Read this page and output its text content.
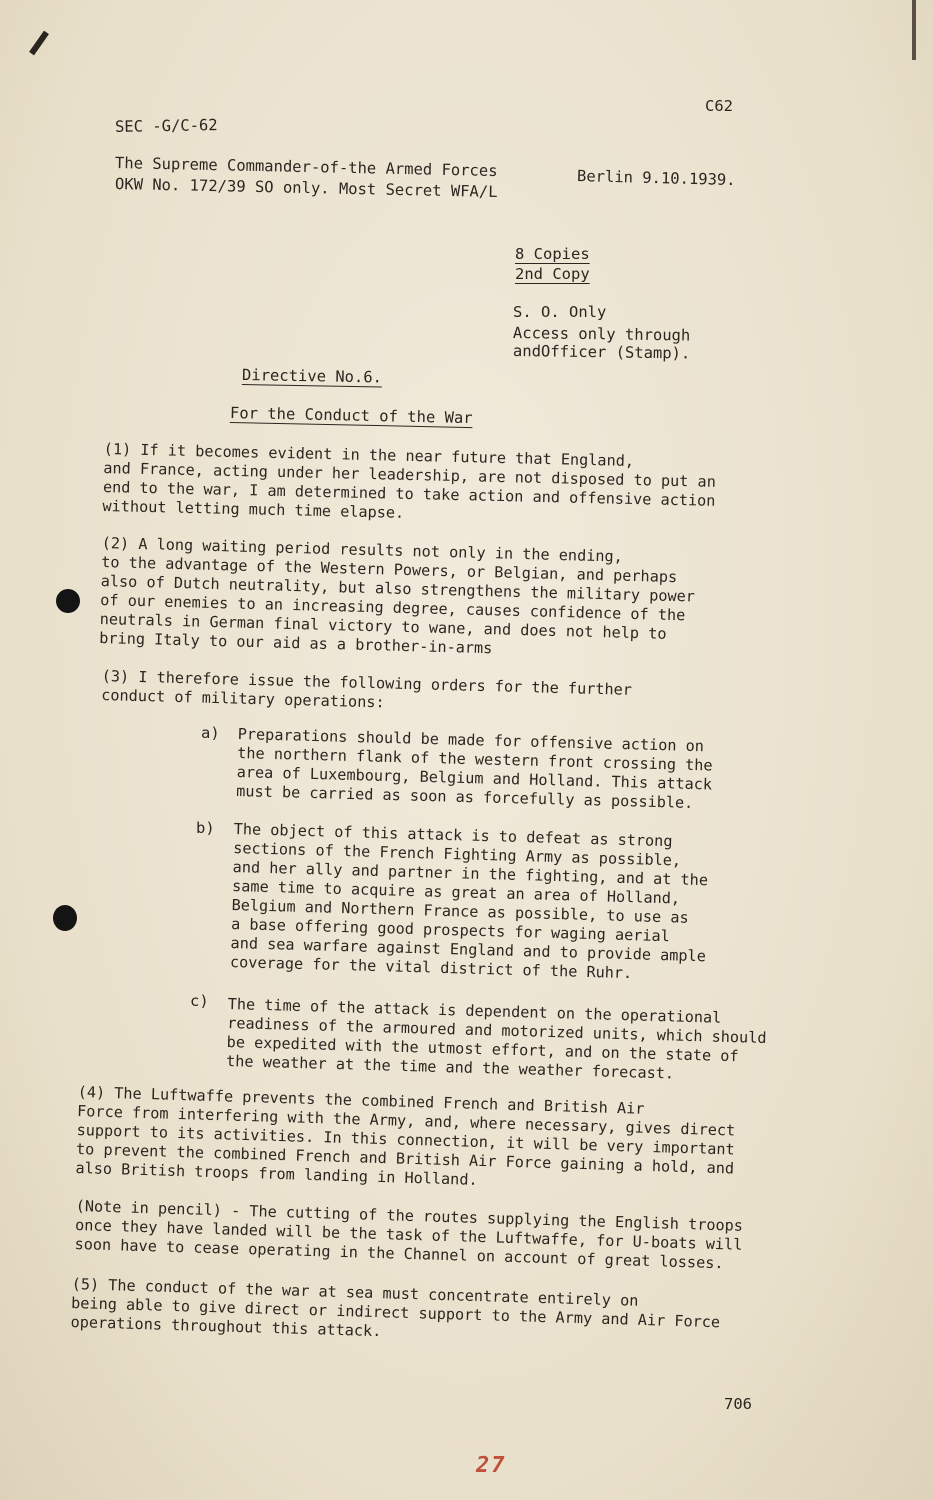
SEC -G/C-62
C62
The Supreme Commander-of-the Armed Forces
OKW No. 172/39 SO only. Most Secret WFA/L	Berlin 9.10.1939.
8 Copies
2nd Copy
S. O. Only
Access only through
andOfficer (Stamp).
Directive No.6.
For the Conduct of the War
(1) If it becomes evident in the near future that England,
and France, acting under her leadership, are not disposed to put an
end to the war, I am determined to take action and offensive action
without letting much time elapse.
(2) A long waiting period results not only in the ending,
to the advantage of the Western Powers, or Belgian, and perhaps
also of Dutch neutrality, but also strengthens the military power
of our enemies to an increasing degree, causes confidence of the
neutrals in German final victory to wane, and does not help to
bring Italy to our aid as a brother-in-arms
(3) I therefore issue the following orders for the further
conduct of military operations:
a) Preparations should be made for offensive action on
the northern flank of the western front crossing the
area of Luxembourg, Belgium and Holland. This attack
must be carried as soon as forcefully as possible.
b) The object of this attack is to defeat as strong
sections of the French Fighting Army as possible,
and her ally and partner in the fighting, and at the
same time to acquire as great an area of Holland,
Belgium and Northern France as possible, to use as
a base offering good prospects for waging aerial
and sea warfare against England and to provide ample
coverage for the vital district of the Ruhr.
c) The time of the attack is dependent on the operational
readiness of the armoured and motorized units, which should
be expedited with the utmost effort, and on the state of
the weather at the time and the weather forecast.
(4) The Luftwaffe prevents the combined French and British Air
Force from interfering with the Army, and, where necessary, gives direct
support to its activities. In this connection, it will be very important
to prevent the combined French and British Air Force gaining a hold, and
also British troops from landing in Holland.
(Note in pencil) - The cutting of the routes supplying the English troops
once they have landed will be the task of the Luftwaffe, for U-boats will
soon have to cease operating in the Channel on account of great losses.
(5) The conduct of the war at sea must concentrate entirely on
being able to give direct or indirect support to the Army and Air Force
operations throughout this attack.
706
27
